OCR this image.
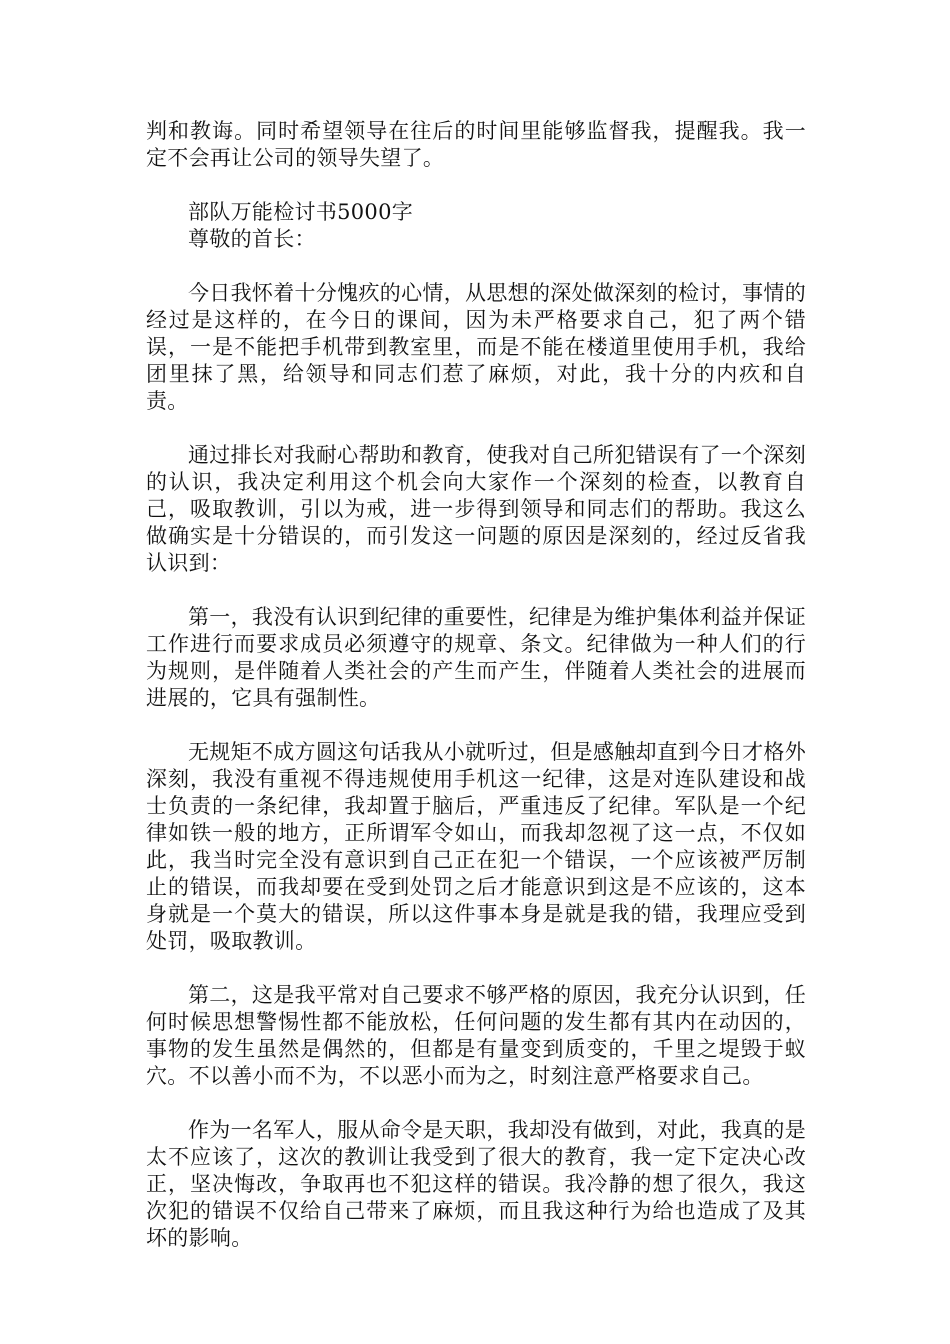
判和教诲。同时希望领导在往后的时间里能够监督我，提醒我。我一定不会再让公司的领导失望了。

部队万能检讨书5000字

尊敬的首长：

今日我怀着十分愧疚的心情，从思想的深处做深刻的检讨，事情的经过是这样的，在今日的课间，因为未严格要求自己，犯了两个错误，一是不能把手机带到教室里，而是不能在楼道里使用手机，我给团里抹了黑，给领导和同志们惹了麻烦，对此，我十分的内疚和自责。

通过排长对我耐心帮助和教育，使我对自己所犯错误有了一个深刻的认识，我决定利用这个机会向大家作一个深刻的检查，以教育自己，吸取教训，引以为戒，进一步得到领导和同志们的帮助。我这么做确实是十分错误的，而引发这一问题的原因是深刻的，经过反省我认识到：

第一，我没有认识到纪律的重要性，纪律是为维护集体利益并保证工作进行而要求成员必须遵守的规章、条文。纪律做为一种人们的行为规则，是伴随着人类社会的产生而产生，伴随着人类社会的进展而进展的，它具有强制性。

无规矩不成方圆这句话我从小就听过，但是感触却直到今日才格外深刻，我没有重视不得违规使用手机这一纪律，这是对连队建设和战士负责的一条纪律，我却置于脑后，严重违反了纪律。军队是一个纪律如铁一般的地方，正所谓军令如山，而我却忽视了这一点，不仅如此，我当时完全没有意识到自己正在犯一个错误，一个应该被严厉制止的错误，而我却要在受到处罚之后才能意识到这是不应该的，这本身就是一个莫大的错误，所以这件事本身是就是我的错，我理应受到处罚，吸取教训。

第二，这是我平常对自己要求不够严格的原因，我充分认识到，任何时候思想警惕性都不能放松，任何问题的发生都有其内在动因的，事物的发生虽然是偶然的，但都是有量变到质变的，千里之堤毁于蚁穴。不以善小而不为，不以恶小而为之，时刻注意严格要求自己。

作为一名军人，服从命令是天职，我却没有做到，对此，我真的是太不应该了，这次的教训让我受到了很大的教育，我一定下定决心改正，坚决悔改，争取再也不犯这样的错误。我冷静的想了很久，我这次犯的错误不仅给自己带来了麻烦，而且我这种行为给也造成了及其坏的影响。
